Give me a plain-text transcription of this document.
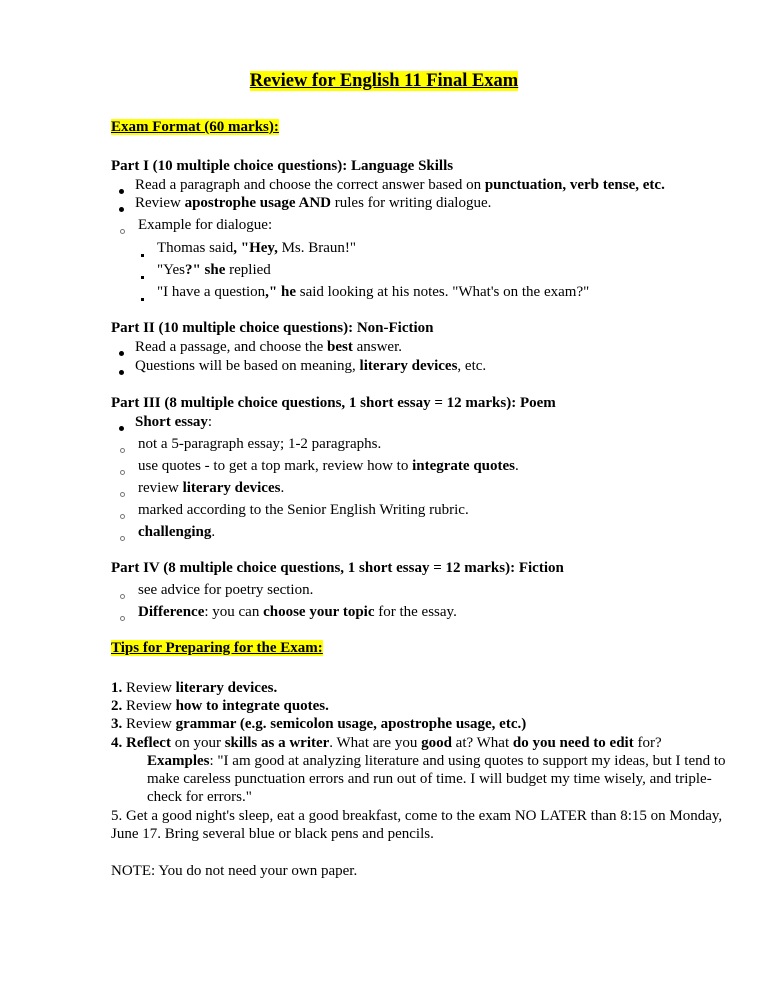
Review for English 11 Final Exam
Exam Format (60 marks):
Part I (10 multiple choice questions): Language Skills
Read a paragraph and choose the correct answer based on punctuation, verb tense, etc.
Review apostrophe usage AND rules for writing dialogue.
Example for dialogue:
Thomas said, "Hey, Ms. Braun!"
"Yes?" she replied
"I have a question," he said looking at his notes. "What's on the exam?"
Part II (10 multiple choice questions): Non-Fiction
Read a passage, and choose the best answer.
Questions will be based on meaning, literary devices, etc.
Part III (8 multiple choice questions, 1 short essay = 12 marks): Poem
Short essay:
not a 5-paragraph essay; 1-2 paragraphs.
use quotes - to get a top mark, review how to integrate quotes.
review literary devices.
marked according to the Senior English Writing rubric.
challenging.
Part IV (8 multiple choice questions, 1 short essay = 12 marks): Fiction
see advice for poetry section.
Difference: you can choose your topic for the essay.
Tips for Preparing for the Exam:
1. Review literary devices.
2. Review how to integrate quotes.
3. Review grammar (e.g. semicolon usage, apostrophe usage, etc.)
4. Reflect on your skills as a writer. What are you good at? What do you need to edit for?
Examples: "I am good at analyzing literature and using quotes to support my ideas, but I tend to
make careless punctuation errors and run out of time. I will budget my time wisely, and triple-
check for errors."
5. Get a good night's sleep, eat a good breakfast, come to the exam NO LATER than 8:15 on Monday,
June 17. Bring several blue or black pens and pencils.
NOTE: You do not need your own paper.
